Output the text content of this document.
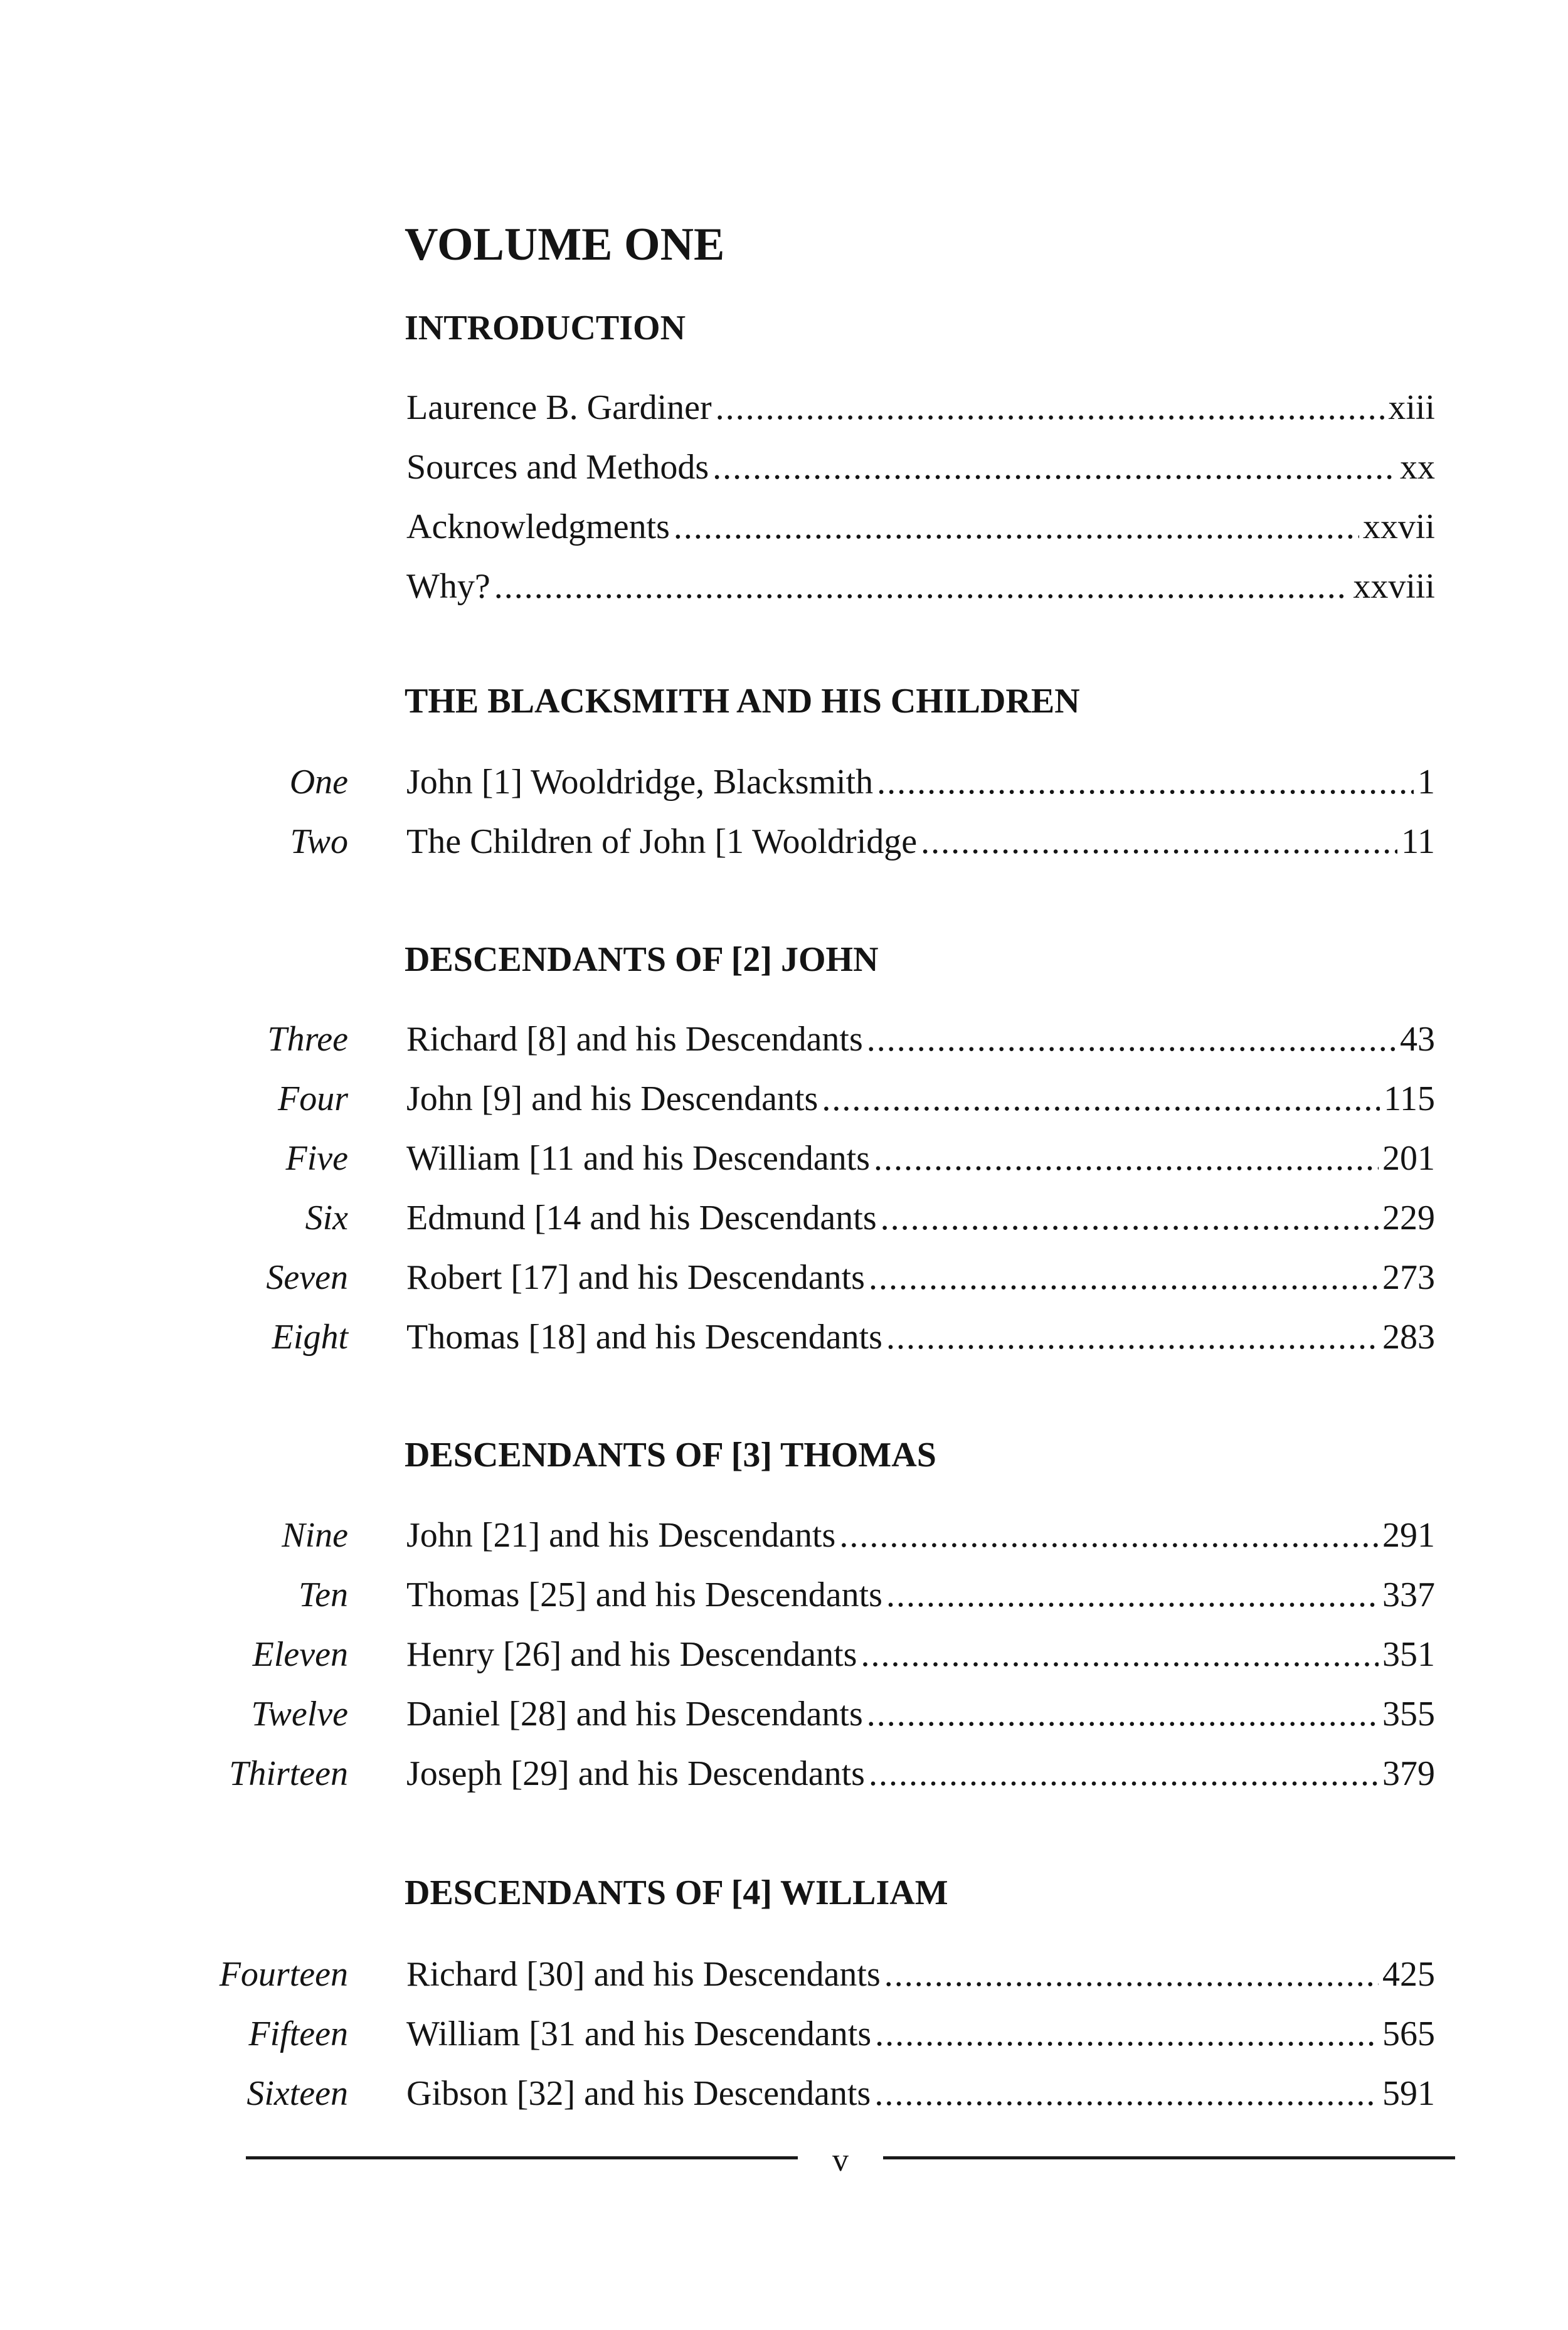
VOLUME ONE
INTRODUCTION
Laurence B. Gardiner . . .	xiii
Sources and Methods . . .	xx
Acknowledgments . . .	xxvii
Why? . . .	xxviii
THE BLACKSMITH AND HIS CHILDREN
One John [1] Wooldridge, Blacksmith . . .	1
Two The Children of John [1 Wooldridge . . .	11
DESCENDANTS OF [2] JOHN
Three Richard [8] and his Descendants . . .	43
Four John [9] and his Descendants . . .	115
Five William [11 and his Descendants . . .	201
Six Edmund [14 and his Descendants . . .	229
Seven Robert [17] and his Descendants . . .	273
Eight Thomas [18] and his Descendants . . .	283
DESCENDANTS OF [3] THOMAS
Nine John [21] and his Descendants . . .	291
Ten Thomas [25] and his Descendants . . .	337
Eleven Henry [26] and his Descendants . . .	351
Twelve Daniel [28] and his Descendants . . .	355
Thirteen Joseph [29] and his Descendants . . .	379
DESCENDANTS OF [4] WILLIAM
Fourteen Richard [30] and his Descendants . . .	425
Fifteen William [31 and his Descendants . . .	565
Sixteen Gibson [32] and his Descendants . . .	591
v
